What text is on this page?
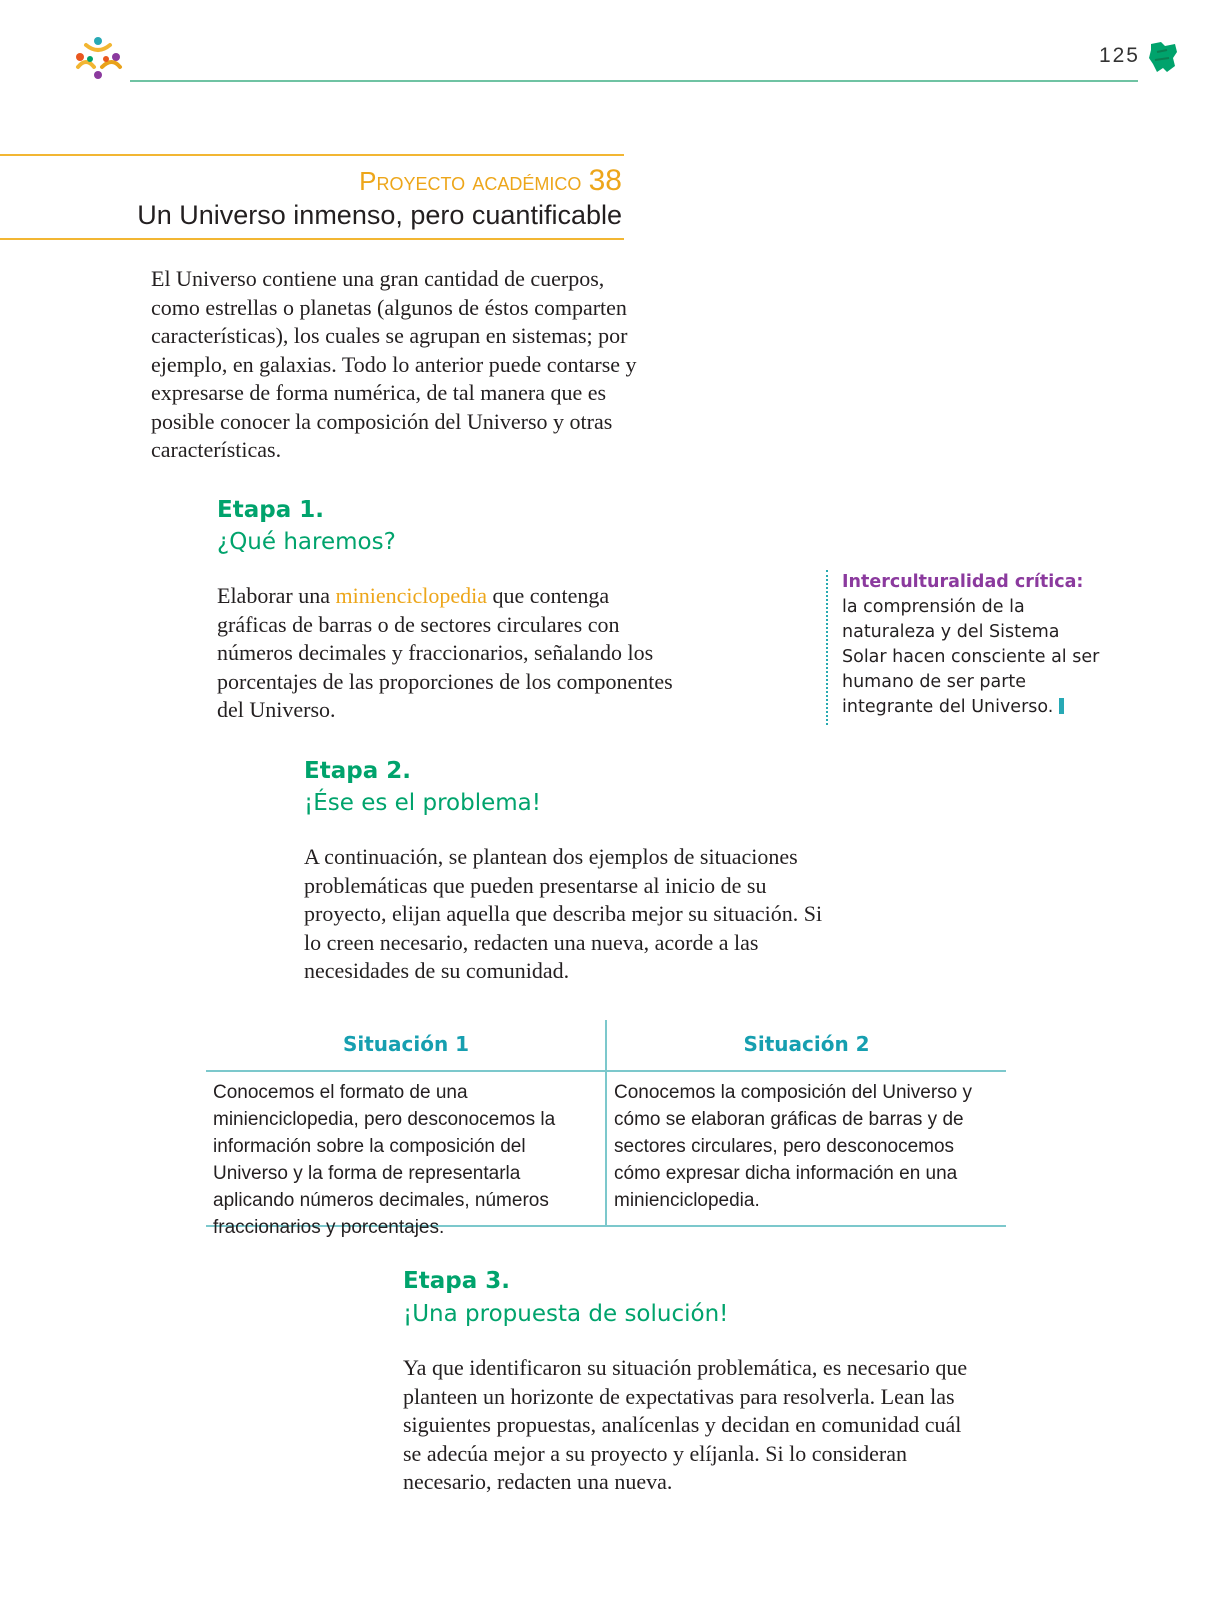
125
Proyecto académico 38
Un Universo inmenso, pero cuantificable
El Universo contiene una gran cantidad de cuerpos, como estrellas o planetas (algunos de éstos comparten características), los cuales se agrupan en sistemas; por ejemplo, en galaxias. Todo lo anterior puede contarse y expresarse de forma numérica, de tal manera que es posible conocer la composición del Universo y otras características.
Etapa 1.
¿Qué haremos?
Elaborar una minienciclopedia que contenga gráficas de barras o de sectores circulares con números decimales y fraccionarios, señalando los porcentajes de las proporciones de los componentes del Universo.
Interculturalidad crítica:
la comprensión de la naturaleza y del Sistema Solar hacen consciente al ser humano de ser parte integrante del Universo.
Etapa 2.
¡Ése es el problema!
A continuación, se plantean dos ejemplos de situaciones problemáticas que pueden presentarse al inicio de su proyecto, elijan aquella que describa mejor su situación. Si lo creen necesario, redacten una nueva, acorde a las necesidades de su comunidad.
Situación 1	Situación 2
Conocemos el formato de una minienciclopedia, pero desconocemos la información sobre la composición del Universo y la forma de representarla aplicando números decimales, números fraccionarios y porcentajes.
Conocemos la composición del Universo y cómo se elaboran gráficas de barras y de sectores circulares, pero desconocemos cómo expresar dicha información en una minienciclopedia.
Etapa 3.
¡Una propuesta de solución!
Ya que identificaron su situación problemática, es necesario que planteen un horizonte de expectativas para resolverla. Lean las siguientes propuestas, analícenlas y decidan en comunidad cuál se adecúa mejor a su proyecto y elíjanla. Si lo consideran necesario, redacten una nueva.
